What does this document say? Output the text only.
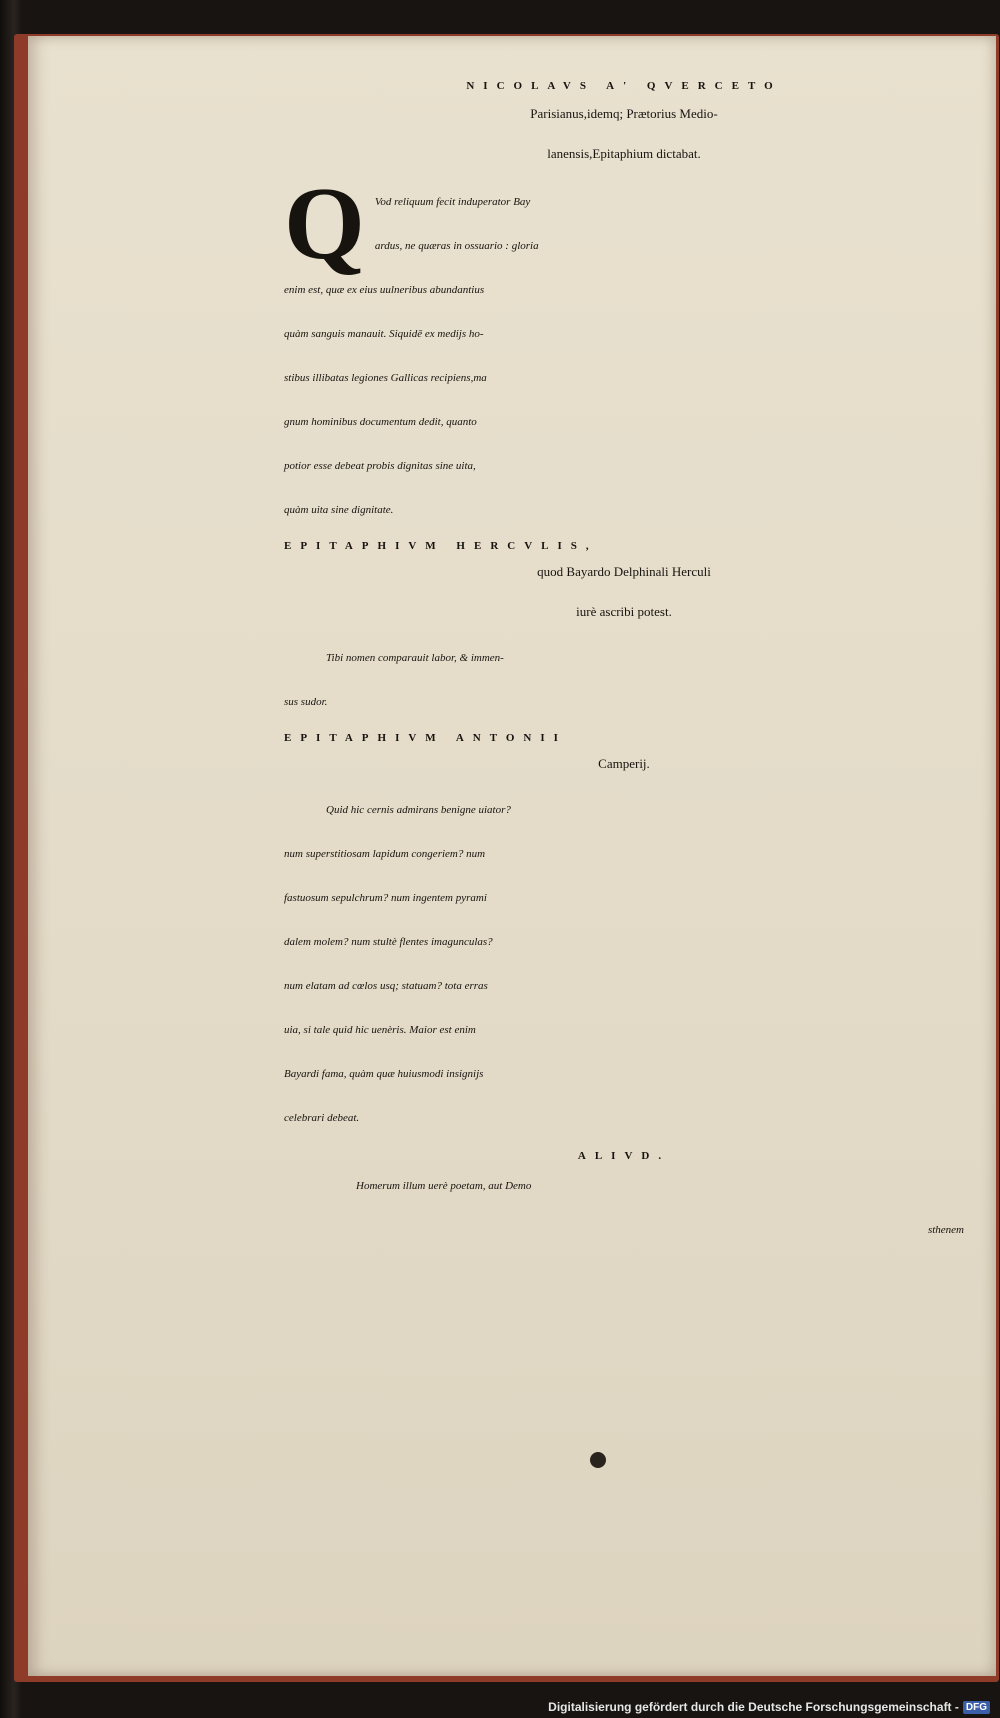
NICOLAVS A' QVERCETO
Parisianus,idemq; Prætorius Medio-
lanensis,Epitaphium dictabat.
Q Vod reliquum fecit induperator Bay
ardus, ne quæras in ossuario : gloria
enim est, quæ ex eius uulneribus abundantius
quàm sanguis manauit. Siquidē ex medijs ho-
stibus illibatas legiones Gallicas recipiens,ma
gnum hominibus documentum dedit, quanto
potior esse debeat probis dignitas sine uita,
quàm uita sine dignitate.
EPITAPHIVM HERCVLIS,
quod Bayardo Delphinali Herculi
iurè ascribi potest.
Tibi nomen comparauit labor, & immen-
sus sudor.
EPITAPHIVM ANTONII
Camperij.
Quid hic cernis admirans benigne uiator?
num superstitiosam lapidum congeriem? num
fastuosum sepulchrum? num ingentem pyrami
dalem molem? num stultè flentes imagunculas?
num elatam ad cœlos usq; statuam? tota erras
uia, si tale quid hic uenèris. Maior est enim
Bayardi fama, quàm quæ huiusmodi insignijs
celebrari debeat.
ALIVD.
Homerum illum uerè poetam, aut Demo
sthenem
Digitalisierung gefördert durch die Deutsche Forschungsgemeinschaft - DFG
